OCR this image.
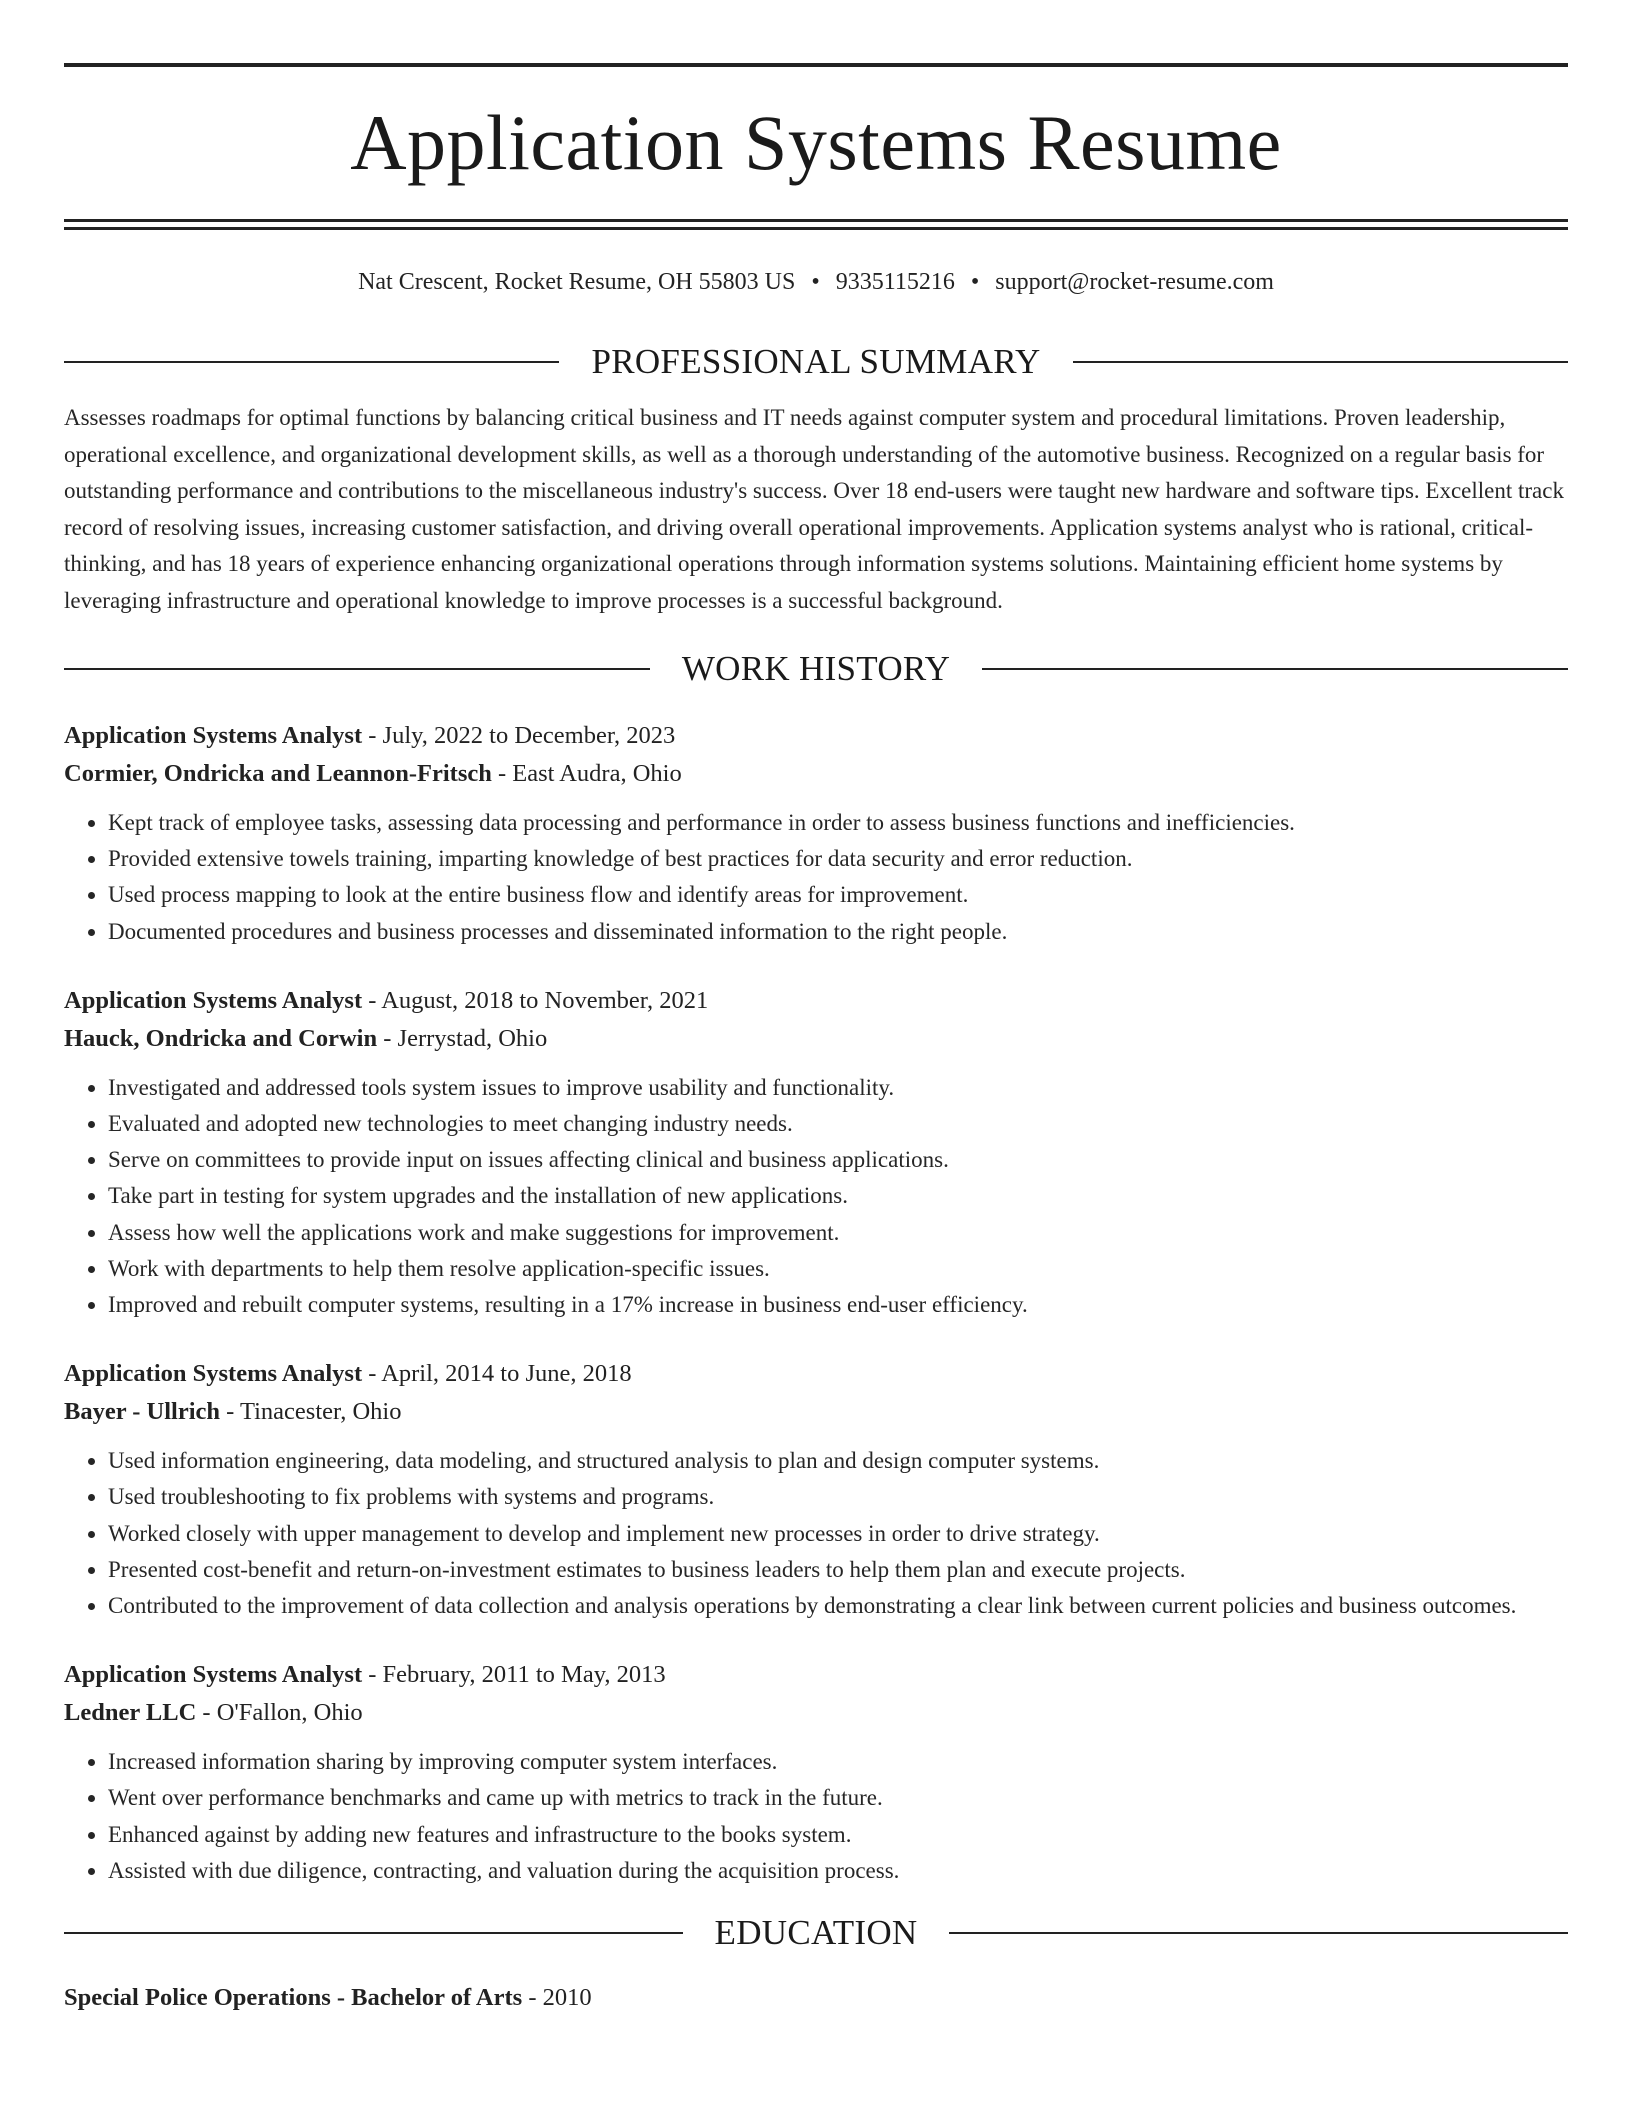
Application Systems Resume
Nat Crescent, Rocket Resume, OH 55803 US • 9335115216 • support@rocket-resume.com
PROFESSIONAL SUMMARY
Assesses roadmaps for optimal functions by balancing critical business and IT needs against computer system and procedural limitations. Proven leadership, operational excellence, and organizational development skills, as well as a thorough understanding of the automotive business. Recognized on a regular basis for outstanding performance and contributions to the miscellaneous industry's success. Over 18 end-users were taught new hardware and software tips. Excellent track record of resolving issues, increasing customer satisfaction, and driving overall operational improvements. Application systems analyst who is rational, critical-thinking, and has 18 years of experience enhancing organizational operations through information systems solutions. Maintaining efficient home systems by leveraging infrastructure and operational knowledge to improve processes is a successful background.
WORK HISTORY
Application Systems Analyst - July, 2022 to December, 2023
Cormier, Ondricka and Leannon-Fritsch - East Audra, Ohio
• Kept track of employee tasks, assessing data processing and performance in order to assess business functions and inefficiencies.
• Provided extensive towels training, imparting knowledge of best practices for data security and error reduction.
• Used process mapping to look at the entire business flow and identify areas for improvement.
• Documented procedures and business processes and disseminated information to the right people.
Application Systems Analyst - August, 2018 to November, 2021
Hauck, Ondricka and Corwin - Jerrystad, Ohio
• Investigated and addressed tools system issues to improve usability and functionality.
• Evaluated and adopted new technologies to meet changing industry needs.
• Serve on committees to provide input on issues affecting clinical and business applications.
• Take part in testing for system upgrades and the installation of new applications.
• Assess how well the applications work and make suggestions for improvement.
• Work with departments to help them resolve application-specific issues.
• Improved and rebuilt computer systems, resulting in a 17% increase in business end-user efficiency.
Application Systems Analyst - April, 2014 to June, 2018
Bayer - Ullrich - Tinacester, Ohio
• Used information engineering, data modeling, and structured analysis to plan and design computer systems.
• Used troubleshooting to fix problems with systems and programs.
• Worked closely with upper management to develop and implement new processes in order to drive strategy.
• Presented cost-benefit and return-on-investment estimates to business leaders to help them plan and execute projects.
• Contributed to the improvement of data collection and analysis operations by demonstrating a clear link between current policies and business outcomes.
Application Systems Analyst - February, 2011 to May, 2013
Ledner LLC - O'Fallon, Ohio
• Increased information sharing by improving computer system interfaces.
• Went over performance benchmarks and came up with metrics to track in the future.
• Enhanced against by adding new features and infrastructure to the books system.
• Assisted with due diligence, contracting, and valuation during the acquisition process.
EDUCATION
Special Police Operations - Bachelor of Arts - 2010
